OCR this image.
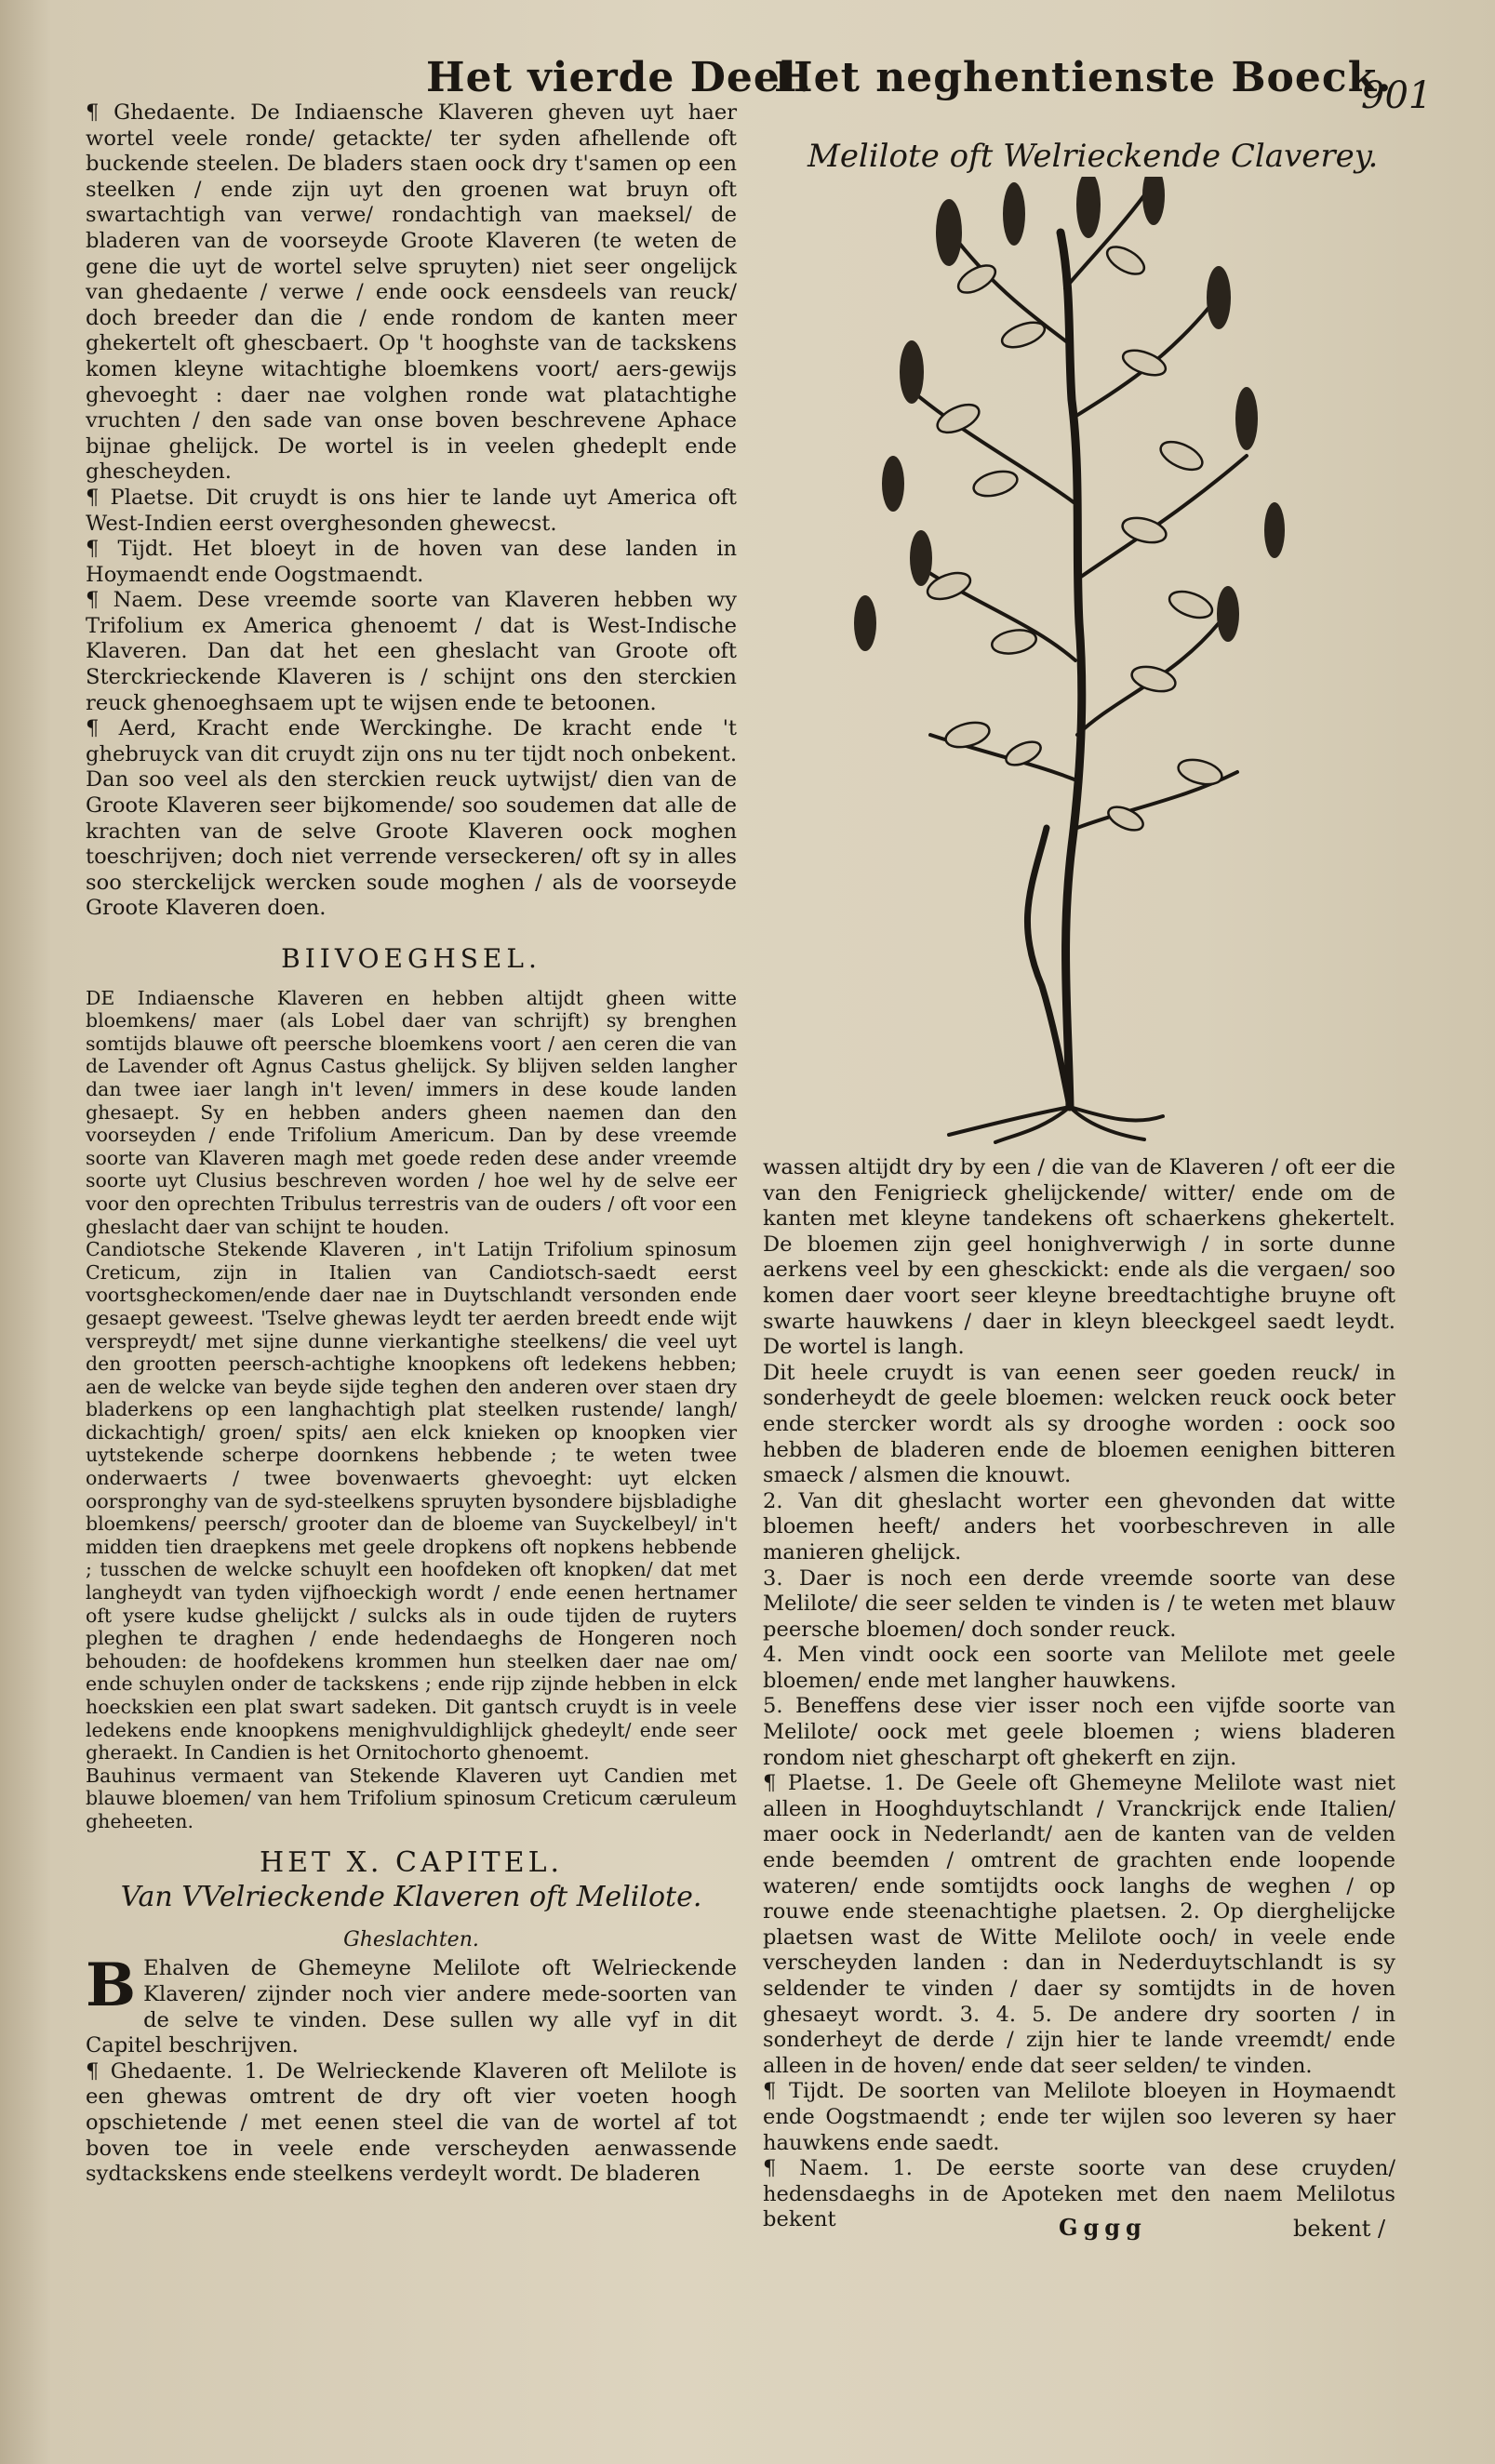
Het vierde Deel.
Het neghentienste Boeck.
901

¶ Ghedaente. De Indiaensche Klaveren gheven uyt haer wortel veele ronde/ getackte/ ter syden afhellende oft buckende steelen. De bladers staen oock dry t'samen op een steelken / ende zijn uyt den groenen wat bruyn oft swartachtigh van verwe/ rondachtigh van maeksel/ de bladeren van de voorseyde Groote Klaveren (te weten de gene die uyt de wortel selve spruyten) niet seer ongelijck van ghedaente / verwe / ende oock eensdeels van reuck/ doch breeder dan die / ende rondom de kanten meer ghekertelt oft ghescbaert. Op 't hooghste van de tackskens komen kleyne witachtighe bloemkens voort/ aers-gewijs ghevoeght : daer nae volghen ronde wat platachtighe vruchten / den sade van onse boven beschrevene Aphace bijnae ghelijck. De wortel is in veelen ghedeplt ende ghescheyden.

¶ Plaetse. Dit cruydt is ons hier te lande uyt America oft West-Indien eerst overghesonden ghewecst.

¶ Tijdt. Het bloeyt in de hoven van dese landen in Hoymaendt ende Oogstmaendt.

¶ Naem. Dese vreemde soorte van Klaveren hebben wy Trifolium ex America ghenoemt / dat is West-Indische Klaveren. Dan dat het een gheslacht van Groote oft Sterckrieckende Klaveren is / schijnt ons den sterckien reuck ghenoeghsaem upt te wijsen ende te betoonen.

¶ Aerd, Kracht ende Werckinghe. De kracht ende 't ghebruyck van dit cruydt zijn ons nu ter tijdt noch onbekent. Dan soo veel als den sterckien reuck uytwijst/ dien van de Groote Klaveren seer bijkomende/ soo soudemen dat alle de krachten van de selve Groote Klaveren oock moghen toeschrijven; doch niet verrende verseckeren/ oft sy in alles soo sterckelijck wercken soude moghen / als de voorseyde Groote Klaveren doen.

BIIVOEGHSEL.

DE Indiaensche Klaveren en hebben altijdt gheen witte bloemkens/ maer (als Lobel daer van schrijft) sy brenghen somtijds blauwe oft peersche bloemkens voort / aen ceren die van de Lavender oft Agnus Castus ghelijck. Sy blijven selden langher dan twee iaer langh in't leven/ immers in dese koude landen ghesaept. Sy en hebben anders gheen naemen dan den voorseyden / ende Trifolium Americum. Dan by dese vreemde soorte van Klaveren magh met goede reden dese ander vreemde soorte uyt Clusius beschreven worden / hoe wel hy de selve eer voor den oprechten Tribulus terrestris van de ouders / oft voor een gheslacht daer van schijnt te houden.

Candiotsche Stekende Klaveren , in't Latijn Trifolium spinosum Creticum, zijn in Italien van Candiotsch-saedt eerst voortsgheckomen/ende daer nae in Duytschlandt versonden ende gesaept geweest. 'Tselve ghewas leydt ter aerden breedt ende wijt verspreydt/ met sijne dunne vierkantighe steelkens/ die veel uyt den grootten peersch-achtighe knoopkens oft ledekens hebben; aen de welcke van beyde sijde teghen den anderen over staen dry bladerkens op een langhachtigh plat steelken rustende/ langh/ dickachtigh/ groen/ spits/ aen elck knieken op knoopken vier uytstekende scherpe doornkens hebbende ; te weten twee onderwaerts / twee bovenwaerts ghevoeght: uyt elcken oorspronghy van de syd-steelkens spruyten bysondere bijsbladighe bloemkens/ peersch/ grooter dan de bloeme van Suyckelbeyl/ in't midden tien draepkens met geele dropkens oft nopkens hebbende ; tusschen de welcke schuylt een hoofdeken oft knopken/ dat met langheydt van tyden vijfhoeckigh wordt / ende eenen hertnamer oft ysere kudse ghelijckt / sulcks als in oude tijden de ruyters pleghen te draghen / ende hedendaeghs de Hongeren noch behouden: de hoofdekens krommen hun steelken daer nae om/ ende schuylen onder de tackskens ; ende rijp zijnde hebben in elck hoeckskien een plat swart sadeken. Dit gantsch cruydt is in veele ledekens ende knoopkens menighvuldighlijck ghedeylt/ ende seer gheraekt. In Candien is het Ornitochorto ghenoemt.

Bauhinus vermaent van Stekende Klaveren uyt Candien met blauwe bloemen/ van hem Trifolium spinosum Creticum cæruleum gheheeten.

HET X. CAPITEL.
Van VVelrieckende Klaveren oft Melilote.
Gheslachten.

B Ehalven de Ghemeyne Melilote oft Welrieckende Klaveren/ zijnder noch vier andere mede-soorten van de selve te vinden. Dese sullen wy alle vyf in dit Capitel beschrijven.

¶ Ghedaente. 1. De Welrieckende Klaveren oft Melilote is een ghewas omtrent de dry oft vier voeten hoogh opschietende / met eenen steel die van de wortel af tot boven toe in veele ende verscheyden aenwassende sydtackskens ende steelkens verdeylt wordt. De bladeren

Melilote oft Welrieckende Claverey.

wassen altijdt dry by een / die van de Klaveren / oft eer die van den Fenigrieck ghelijckende/ witter/ ende om de kanten met kleyne tandekens oft schaerkens ghekertelt. De bloemen zijn geel honighverwigh / in sorte dunne aerkens veel by een ghesckickt: ende als die vergaen/ soo komen daer voort seer kleyne breedtachtighe bruyne oft swarte hauwkens / daer in kleyn bleeckgeel saedt leydt. De wortel is langh.

Dit heele cruydt is van eenen seer goeden reuck/ in sonderheydt de geele bloemen: welcken reuck oock beter ende stercker wordt als sy drooghe worden : oock soo hebben de bladeren ende de bloemen eenighen bitteren smaeck / alsmen die knouwt.

2. Van dit gheslacht worter een ghevonden dat witte bloemen heeft/ anders het voorbeschreven in alle manieren ghelijck.

3. Daer is noch een derde vreemde soorte van dese Melilote/ die seer selden te vinden is / te weten met blauw peersche bloemen/ doch sonder reuck.

4. Men vindt oock een soorte van Melilote met geele bloemen/ ende met langher hauwkens.

5. Beneffens dese vier isser noch een vijfde soorte van Melilote/ oock met geele bloemen ; wiens bladeren rondom niet ghescharpt oft ghekerft en zijn.

¶ Plaetse. 1. De Geele oft Ghemeyne Melilote wast niet alleen in Hooghduytschlandt / Vranckrijck ende Italien/ maer oock in Nederlandt/ aen de kanten van de velden ende beemden / omtrent de grachten ende loopende wateren/ ende somtijdts oock langhs de weghen / op rouwe ende steenachtighe plaetsen. 2. Op dierghelijcke plaetsen wast de Witte Melilote ooch/ in veele ende verscheyden landen : dan in Nederduytschlandt is sy seldender te vinden / daer sy somtijdts in de hoven ghesaeyt wordt. 3. 4. 5. De andere dry soorten / in sonderheyt de derde / zijn hier te lande vreemdt/ ende alleen in de hoven/ ende dat seer selden/ te vinden.

¶ Tijdt. De soorten van Melilote bloeyen in Hoymaendt ende Oogstmaendt ; ende ter wijlen soo leveren sy haer hauwkens ende saedt.

¶ Naem. 1. De eerste soorte van dese cruyden/ hedensdaeghs in de Apoteken met den naem Melilotus bekent	Gggg	bekent /
